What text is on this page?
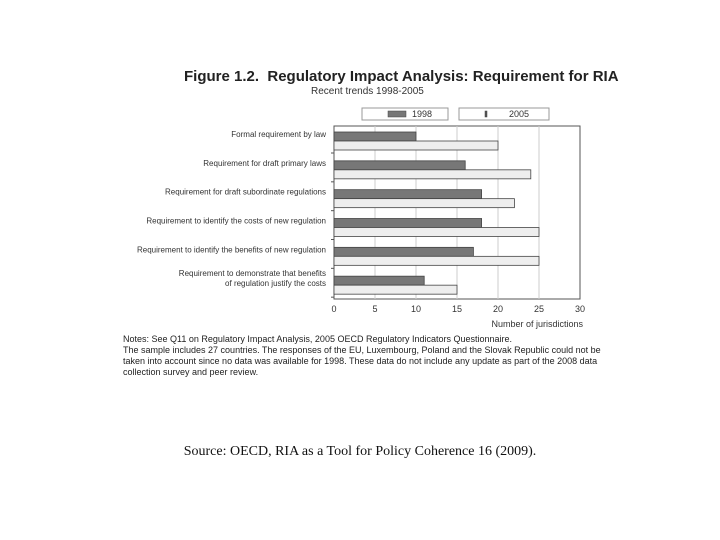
Figure 1.2. Regulatory Impact Analysis: Requirement for RIA
Recent trends 1998-2005
0	5	10	15	20	25	30
Number of jurisdictions
1998	2005
Formal requirement by law
Requirement for draft primary laws
Requirement for draft subordinate regulations
Requirement to identify the costs of new regulation
Requirement to identify the benefits of new regulation
Requirement to demonstrate that benefits
of regulation justify the costs

Notes: See Q11 on Regulatory Impact Analysis, 2005 OECD Regulatory Indicators Questionnaire.

The sample includes 27 countries. The responses of the EU, Luxembourg, Poland and the Slovak Republic could not be taken into account since no data was available for 1998. These data do not include any update as part of the 2008 data collection survey and peer review.

Source: OECD, RIA as a Tool for Policy Coherence 16 (2009).
